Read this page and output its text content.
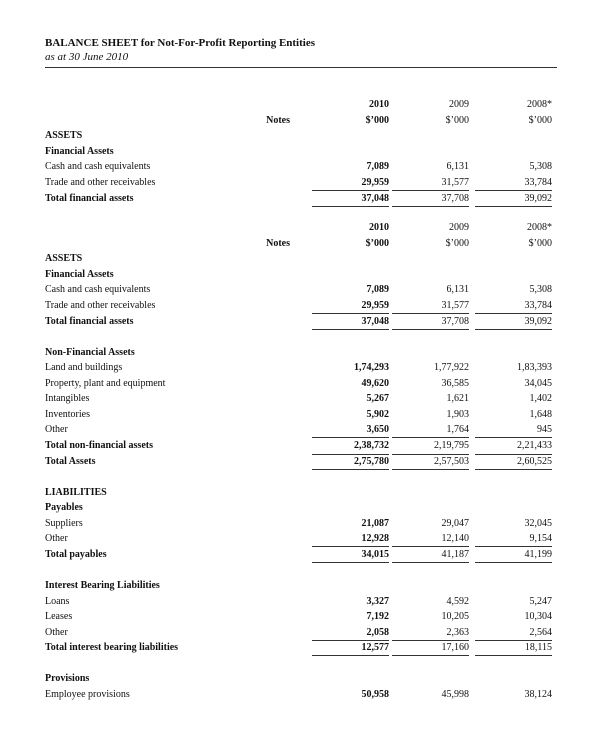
BALANCE SHEET for Not-For-Profit Reporting Entities
as at 30 June 2010
2010	2009	2008*
Notes	$’000	$’000	$’000
ASSETS
Financial Assets
Cash and cash equivalents	7,089	6,131	5,308
Trade and other receivables	29,959	31,577	33,784
Total financial assets	37,048	37,708	39,092
2010	2009	2008*
Notes	$’000	$’000	$’000
ASSETS
Financial Assets
Cash and cash equivalents	7,089	6,131	5,308
Trade and other receivables	29,959	31,577	33,784
Total financial assets	37,048	37,708	39,092
Non-Financial Assets
Land and buildings	1,74,293	1,77,922	1,83,393
Property, plant and equipment	49,620	36,585	34,045
Intangibles	5,267	1,621	1,402
Inventories	5,902	1,903	1,648
Other	3,650	1,764	945
Total non-financial assets	2,38,732	2,19,795	2,21,433
Total Assets	2,75,780	2,57,503	2,60,525
LIABILITIES
Payables
Suppliers	21,087	29,047	32,045
Other	12,928	12,140	9,154
Total payables	34,015	41,187	41,199
Interest Bearing Liabilities
Loans	3,327	4,592	5,247
Leases	7,192	10,205	10,304
Other	2,058	2,363	2,564
Total interest bearing liabilities	12,577	17,160	18,115
Provisions
Employee provisions	50,958	45,998	38,124
